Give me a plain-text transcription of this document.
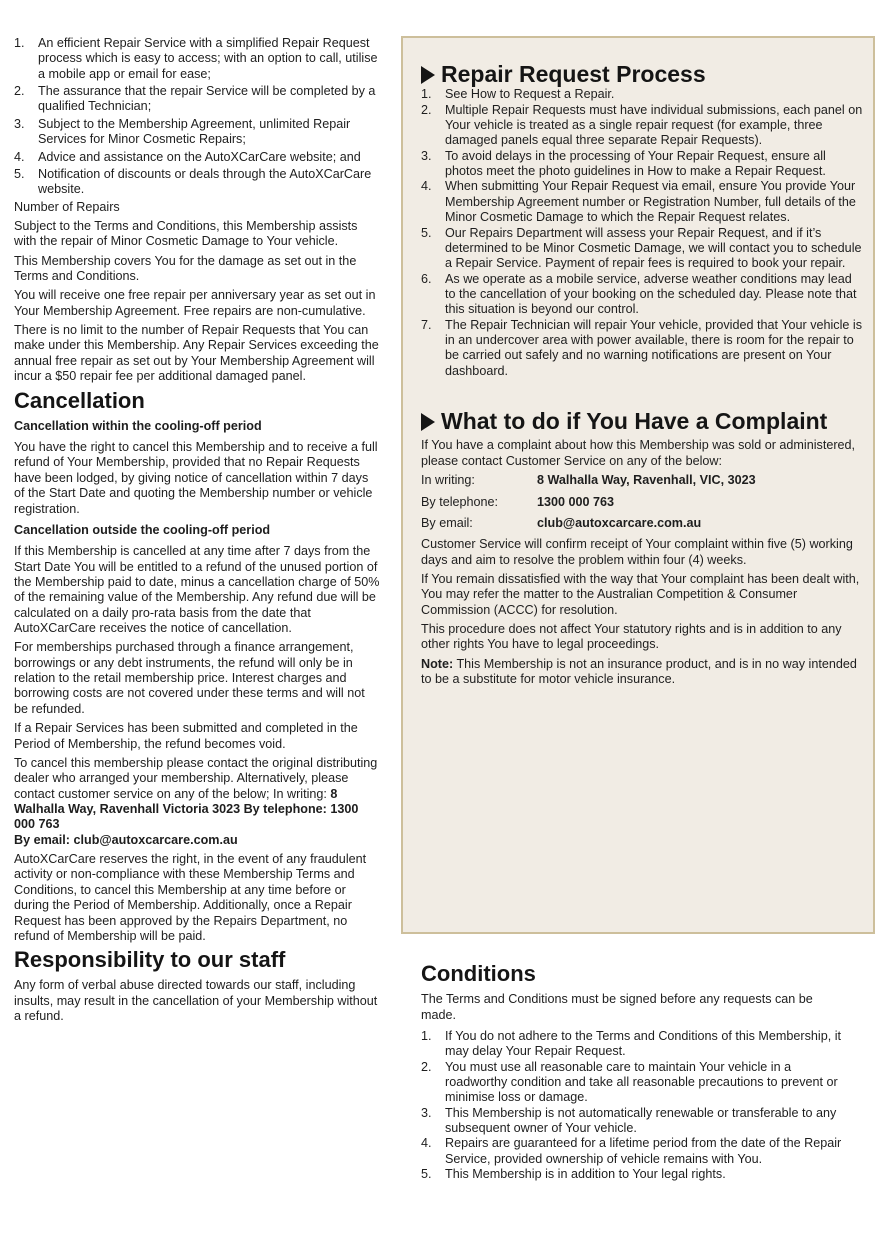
1.	An efficient Repair Service with a simplified Repair Request process which is easy to access; with an option to call, utilise a mobile app or email for ease;
2.	The assurance that the repair Service will be completed by a qualified Technician;
3.	Subject to the Membership Agreement, unlimited Repair Services for Minor Cosmetic Repairs;
4.	Advice and assistance on the AutoXCarCare website; and
5.	Notification of discounts or deals through the AutoXCarCare website.

Number of Repairs

Subject to the Terms and Conditions, this Membership assists with the repair of Minor Cosmetic Damage to Your vehicle.

This Membership covers You for the damage as set out in the Terms and Conditions.

You will receive one free repair per anniversary year as set out in Your Membership Agreement. Free repairs are non-cumulative.

There is no limit to the number of Repair Requests that You can make under this Membership. Any Repair Services exceeding the annual free repair as set out by Your Membership Agreement will incur a $50 repair fee per additional damaged panel.

Cancellation
Cancellation within the cooling-off period

You have the right to cancel this Membership and to receive a full refund of Your Membership, provided that no Repair Requests have been lodged, by giving notice of cancellation within 7 days of the Start Date and quoting the Membership number or vehicle registration.

Cancellation outside the cooling-off period

If this Membership is cancelled at any time after 7 days from the Start Date You will be entitled to a refund of the unused portion of the Membership paid to date, minus a cancellation charge of 50% of the remaining value of the Membership. Any refund due will be calculated on a daily pro-rata basis from the date that AutoXCarCare receives the notice of cancellation.

For memberships purchased through a finance arrangement, borrowings or any debt instruments, the refund will only be in relation to the retail membership price. Interest charges and borrowing costs are not covered under these terms and will not be refunded.

If a Repair Services has been submitted and completed in the Period of Membership, the refund becomes void.

To cancel this membership please contact the original distributing dealer who arranged your membership. Alternatively, please contact customer service on any of the below; In writing: 8 Walhalla Way, Ravenhall Victoria 3023 By telephone: 1300 000 763
By email: club@autoxcarcare.com.au

AutoXCarCare reserves the right, in the event of any fraudulent activity or non-compliance with these Membership Terms and Conditions, to cancel this Membership at any time before or during the Period of Membership. Additionally, once a Repair Request has been approved by the Repairs Department, no refund of Membership will be paid.

Responsibility to our staff

Any form of verbal abuse directed towards our staff, including insults, may result in the cancellation of your Membership without a refund.

Repair Request Process
1.	See How to Request a Repair.
2.	Multiple Repair Requests must have individual submissions, each panel on Your vehicle is treated as a single repair request (for example, three damaged panels equal three separate Repair Requests).
3.	To avoid delays in the processing of Your Repair Request, ensure all photos meet the photo guidelines in How to make a Repair Request.
4.	When submitting Your Repair Request via email, ensure You provide Your Membership Agreement number or Registration Number, full details of the Minor Cosmetic Damage to which the Repair Request relates.
5.	Our Repairs Department will assess your Repair Request, and if it’s determined to be Minor Cosmetic Damage, we will contact you to schedule a Repair Service. Payment of repair fees is required to book your repair.
6.	As we operate as a mobile service, adverse weather conditions may lead to the cancellation of your booking on the scheduled day. Please note that this situation is beyond our control.
7.	The Repair Technician will repair Your vehicle, provided that Your vehicle is in an undercover area with power available, there is room for the repair to be carried out safely and no warning notifications are present on Your dashboard.
What to do if You Have a Complaint

If You have a complaint about how this Membership was sold or administered, please contact Customer Service on any of the below:

In writing:	8 Walhalla Way, Ravenhall, VIC, 3023
By telephone:	1300 000 763
By email:	club@autoxcarcare.com.au

Customer Service will confirm receipt of Your complaint within five (5) working days and aim to resolve the problem within four (4) weeks.

If You remain dissatisfied with the way that Your complaint has been dealt with, You may refer the matter to the Australian Competition & Consumer Commission (ACCC) for resolution.

This procedure does not affect Your statutory rights and is in addition to any other rights You have to legal proceedings.

Note: This Membership is not an insurance product, and is in no way intended to be a substitute for motor vehicle insurance.

Conditions

The Terms and Conditions must be signed before any requests can be made.

1.	If You do not adhere to the Terms and Conditions of this Membership, it may delay Your Repair Request.
2.	You must use all reasonable care to maintain Your vehicle in a roadworthy condition and take all reasonable precautions to prevent or minimise loss or damage.
3.	This Membership is not automatically renewable or transferable to any subsequent owner of Your vehicle.
4.	Repairs are guaranteed for a lifetime period from the date of the Repair Service, provided ownership of vehicle remains with You.
5.	This Membership is in addition to Your legal rights.
